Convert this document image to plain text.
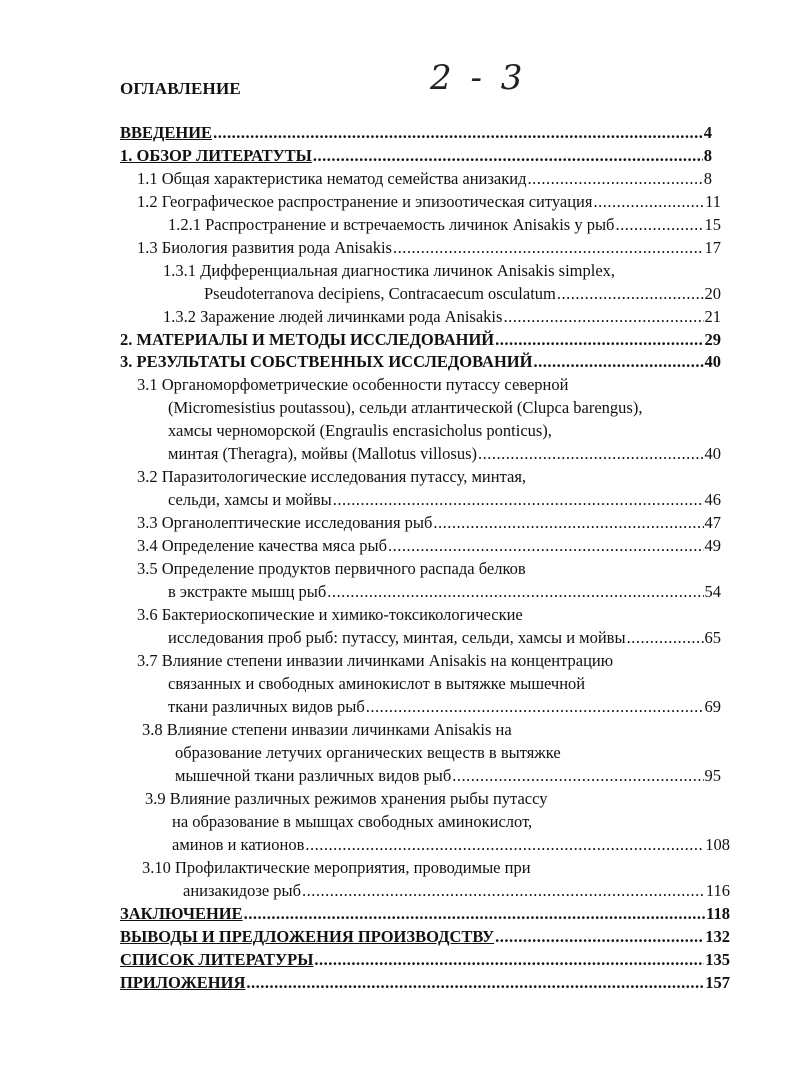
2 - 3
ОГЛАВЛЕНИЕ
ВВЕДЕНИЕ .....	4
1. ОБЗОР ЛИТЕРАТУТЫ .....	8
1.1 Общая характеристика нематод семейства анизакид .....	8
1.2 Географическое распространение и эпизоотическая ситуация .....	11
1.2.1 Распространение и встречаемость личинок Anisakis у рыб .....	15
1.3 Биология развития рода Anisakis .....	17
1.3.1 Дифференциальная диагностика личинок Anisakis simplex,
Pseudoterranova decipiens, Contracaecum osculatum .....	20
1.3.2 Заражение людей личинками рода Anisakis .....	21
2. МАТЕРИАЛЫ И МЕТОДЫ ИССЛЕДОВАНИЙ .....	29
3. РЕЗУЛЬТАТЫ СОБСТВЕННЫХ ИССЛЕДОВАНИЙ .....	40
3.1 Органоморфометрические особенности путассу северной
(Micromesistius poutassou), сельди атлантической (Clupca barengus),
хамсы черноморской (Engraulis encrasicholus ponticus),
минтая (Theragra), мойвы (Mallotus villosus) .....	40
3.2 Паразитологические исследования путассу, минтая,
сельди, хамсы и мойвы .....	46
3.3 Органолептические исследования рыб .....	47
3.4 Определение качества мяса рыб .....	49
3.5 Определение продуктов первичного распада белков
в экстракте мышц рыб .....	54
3.6 Бактериоскопические и химико-токсикологические
исследования проб рыб: путассу, минтая, сельди, хамсы и мойвы .....	65
3.7 Влияние степени инвазии личинками Anisakis на концентрацию
связанных и свободных аминокислот в вытяжке мышечной
ткани различных видов рыб .....	69
3.8 Влияние степени инвазии личинками Anisakis на
образование летучих органических веществ в вытяжке
мышечной ткани различных видов рыб .....	95
3.9 Влияние различных режимов хранения рыбы путассу
на образование в мышцах свободных аминокислот,
аминов и катионов .....	108
3.10 Профилактические мероприятия, проводимые при
анизакидозе рыб .....	116
ЗАКЛЮЧЕНИЕ .....	118
ВЫВОДЫ И ПРЕДЛОЖЕНИЯ ПРОИЗВОДСТВУ .....	132
СПИСОК ЛИТЕРАТУРЫ .....	135
ПРИЛОЖЕНИЯ .....	157
